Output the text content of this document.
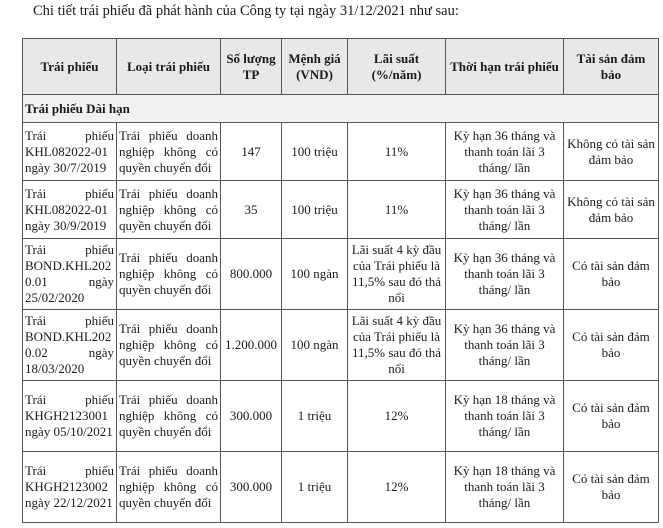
Chi tiết trái phiếu đã phát hành của Công ty tại ngày 31/12/2021 như sau:
Trái phiếu	Loại trái phiếu	Số lượng TP	Mệnh giá (VND)	Lãi suất (%/năm)	Thời hạn trái phiếu	Tài sản đảm bảo
Trái phiếu Dài hạn						
Trái phiếu KHL082022-01 ngày 30/7/2019	Trái phiếu doanh nghiệp không có quyền chuyển đổi	147	100 triệu	11%	Kỳ hạn 36 tháng và thanh toán lãi 3 tháng/ lần	Không có tài sản đảm bảo
Trái phiếu KHL082022-01 ngày 30/9/2019	Trái phiếu doanh nghiệp không có quyền chuyển đổi	35	100 triệu	11%	Kỳ hạn 36 tháng và thanh toán lãi 3 tháng/ lần	Không có tài sản đảm bảo
Trái phiếu BOND.KHL202 0.01 ngày 25/02/2020	Trái phiếu doanh nghiệp không có quyền chuyển đổi	800.000	100 ngàn	Lãi suất 4 kỳ đầu của Trái phiếu là 11,5% sau đó thả nổi	Kỳ hạn 36 tháng và thanh toán lãi 3 tháng/ lần	Có tài sản đảm bảo
Trái phiếu BOND.KHL202 0.02 ngày 18/03/2020	Trái phiếu doanh nghiệp không có quyền chuyển đổi	1.200.000	100 ngàn	Lãi suất 4 kỳ đầu của Trái phiếu là 11,5% sau đó thả nổi	Kỳ hạn 36 tháng và thanh toán lãi 3 tháng/ lần	Có tài sản đảm bảo
Trái phiếu KHGH2123001 ngày 05/10/2021	Trái phiếu doanh nghiệp không có quyền chuyển đổi	300.000	1 triệu	12%	Kỳ hạn 18 tháng và thanh toán lãi 3 tháng/ lần	Có tài sản đảm bảo
Trái phiếu KHGH2123002 ngày 22/12/2021	Trái phiếu doanh nghiệp không có quyền chuyển đổi	300.000	1 triệu	12%	Kỳ hạn 18 tháng và thanh toán lãi 3 tháng/ lần	Có tài sản đảm bảo
